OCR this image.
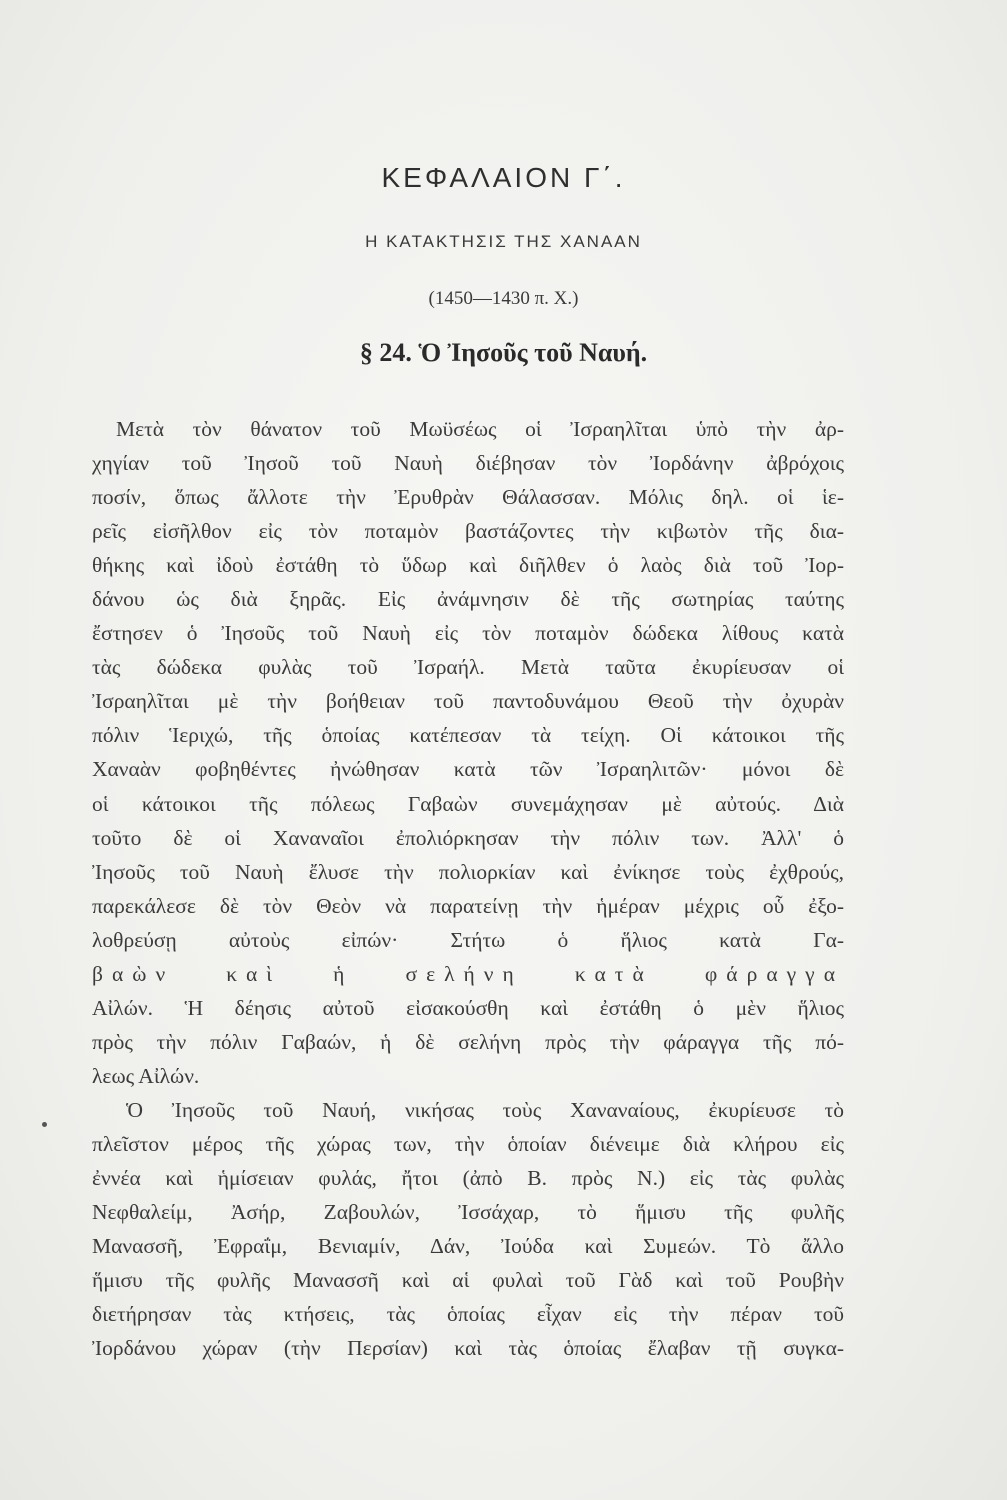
ΚΕΦΑΛΑΙΟΝ Γ΄.
Η ΚΑΤΑΚΤΗΣΙΣ ΤΗΣ ΧΑΝΑΑΝ
(1450—1430 π. Χ.)
§ 24. Ὁ Ἰησοῦς τοῦ Ναυή.
Μετὰ τὸν θάνατον τοῦ Μωϋσέως οἱ Ἰσραηλῖται ὑπὸ τὴν ἀρ-
χηγίαν τοῦ Ἰησοῦ τοῦ Ναυὴ διέβησαν τὸν Ἰορδάνην ἀβρόχοις
ποσίν, ὅπως ἄλλοτε τὴν Ἐρυθρὰν Θάλασσαν. Μόλις δηλ. οἱ ἱε-
ρεῖς εἰσῆλθον εἰς τὸν ποταμὸν βαστάζοντες τὴν κιβωτὸν τῆς δια-
θήκης καὶ ἰδοὺ ἐστάθη τὸ ὕδωρ καὶ διῆλθεν ὁ λαὸς διὰ τοῦ Ἰορ-
δάνου ὡς διὰ ξηρᾶς. Εἰς ἀνάμνησιν δὲ τῆς σωτηρίας ταύτης
ἔστησεν ὁ Ἰησοῦς τοῦ Ναυὴ εἰς τὸν ποταμὸν δώδεκα λίθους κατὰ
τὰς δώδεκα φυλὰς τοῦ Ἰσραήλ. Μετὰ ταῦτα ἐκυρίευσαν οἱ
Ἰσραηλῖται μὲ τὴν βοήθειαν τοῦ παντοδυνάμου Θεοῦ τὴν ὀχυρὰν
πόλιν Ἱεριχώ, τῆς ὁποίας κατέπεσαν τὰ τείχη. Οἱ κάτοικοι τῆς
Χαναὰν φοβηθέντες ἠνώθησαν κατὰ τῶν Ἰσραηλιτῶν· μόνοι δὲ
οἱ κάτοικοι τῆς πόλεως Γαβαὼν συνεμάχησαν μὲ αὐτούς. Διὰ
τοῦτο δὲ οἱ Χαναναῖοι ἐπολιόρκησαν τὴν πόλιν των. Ἀλλ' ὁ
Ἰησοῦς τοῦ Ναυὴ ἔλυσε τὴν πολιορκίαν καὶ ἐνίκησε τοὺς ἐχθρούς,
παρεκάλεσε δὲ τὸν Θεὸν νὰ παρατείνῃ τὴν ἡμέραν μέχρις οὗ ἐξο-
λοθρεύσῃ αὐτοὺς εἰπών· Στήτω ὁ ἥλιος κατὰ Γα-
βαὼν καὶ ἡ σελήνη κατὰ φάραγγα
Αἰλών. Ἡ δέησις αὐτοῦ εἰσακούσθη καὶ ἐστάθη ὁ μὲν ἥλιος
πρὸς τὴν πόλιν Γαβαών, ἡ δὲ σελήνη πρὸς τὴν φάραγγα τῆς πό-
λεως Αἰλών.
Ὁ Ἰησοῦς τοῦ Ναυή, νικήσας τοὺς Χαναναίους, ἐκυρίευσε τὸ
πλεῖστον μέρος τῆς χώρας των, τὴν ὁποίαν διένειμε διὰ κλήρου εἰς
ἐννέα καὶ ἡμίσειαν φυλάς, ἤτοι (ἀπὸ Β. πρὸς Ν.) εἰς τὰς φυλὰς
Νεφθαλείμ, Ἀσήρ, Ζαβουλών, Ἰσσάχαρ, τὸ ἥμισυ τῆς φυλῆς
Μανασσῆ, Ἐφραΐμ, Βενιαμίν, Δάν, Ἰούδα καὶ Συμεών. Τὸ ἄλλο
ἥμισυ τῆς φυλῆς Μανασσῆ καὶ αἱ φυλαὶ τοῦ Γὰδ καὶ τοῦ Ρουβὴν
διετήρησαν τὰς κτήσεις, τὰς ὁποίας εἶχαν εἰς τὴν πέραν τοῦ
Ἰορδάνου χώραν (τὴν Περσίαν) καὶ τὰς ὁποίας ἔλαβαν τῇ συγκα-
